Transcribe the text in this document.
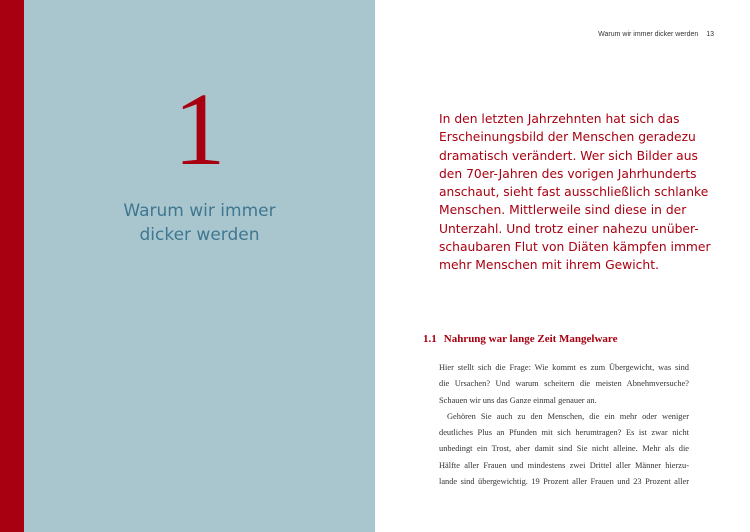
1
Warum wir immer
dicker werden
Warum wir immer dicker werden 13
In den letzten Jahrzehnten hat sich das
Erscheinungsbild der Menschen geradezu
dramatisch verändert. Wer sich Bilder aus
den 70er-Jahren des vorigen Jahrhunderts
anschaut, sieht fast ausschließlich schlanke
Menschen. Mittlerweile sind diese in der
Unterzahl. Und trotz einer nahezu unüber-
schaubaren Flut von Diäten kämpfen immer
mehr Menschen mit ihrem Gewicht.
1.1 Nahrung war lange Zeit Mangelware
Hier stellt sich die Frage: Wie kommt es zum Übergewicht, was sind
die Ursachen? Und warum scheitern die meisten Abnehmversuche?
Schauen wir uns das Ganze einmal genauer an.
Gehören Sie auch zu den Menschen, die ein mehr oder weniger
deutliches Plus an Pfunden mit sich herumtragen? Es ist zwar nicht
unbedingt ein Trost, aber damit sind Sie nicht alleine. Mehr als die
Hälfte aller Frauen und mindestens zwei Drittel aller Männer hierzu-
lande sind übergewichtig. 19 Prozent aller Frauen und 23 Prozent aller
